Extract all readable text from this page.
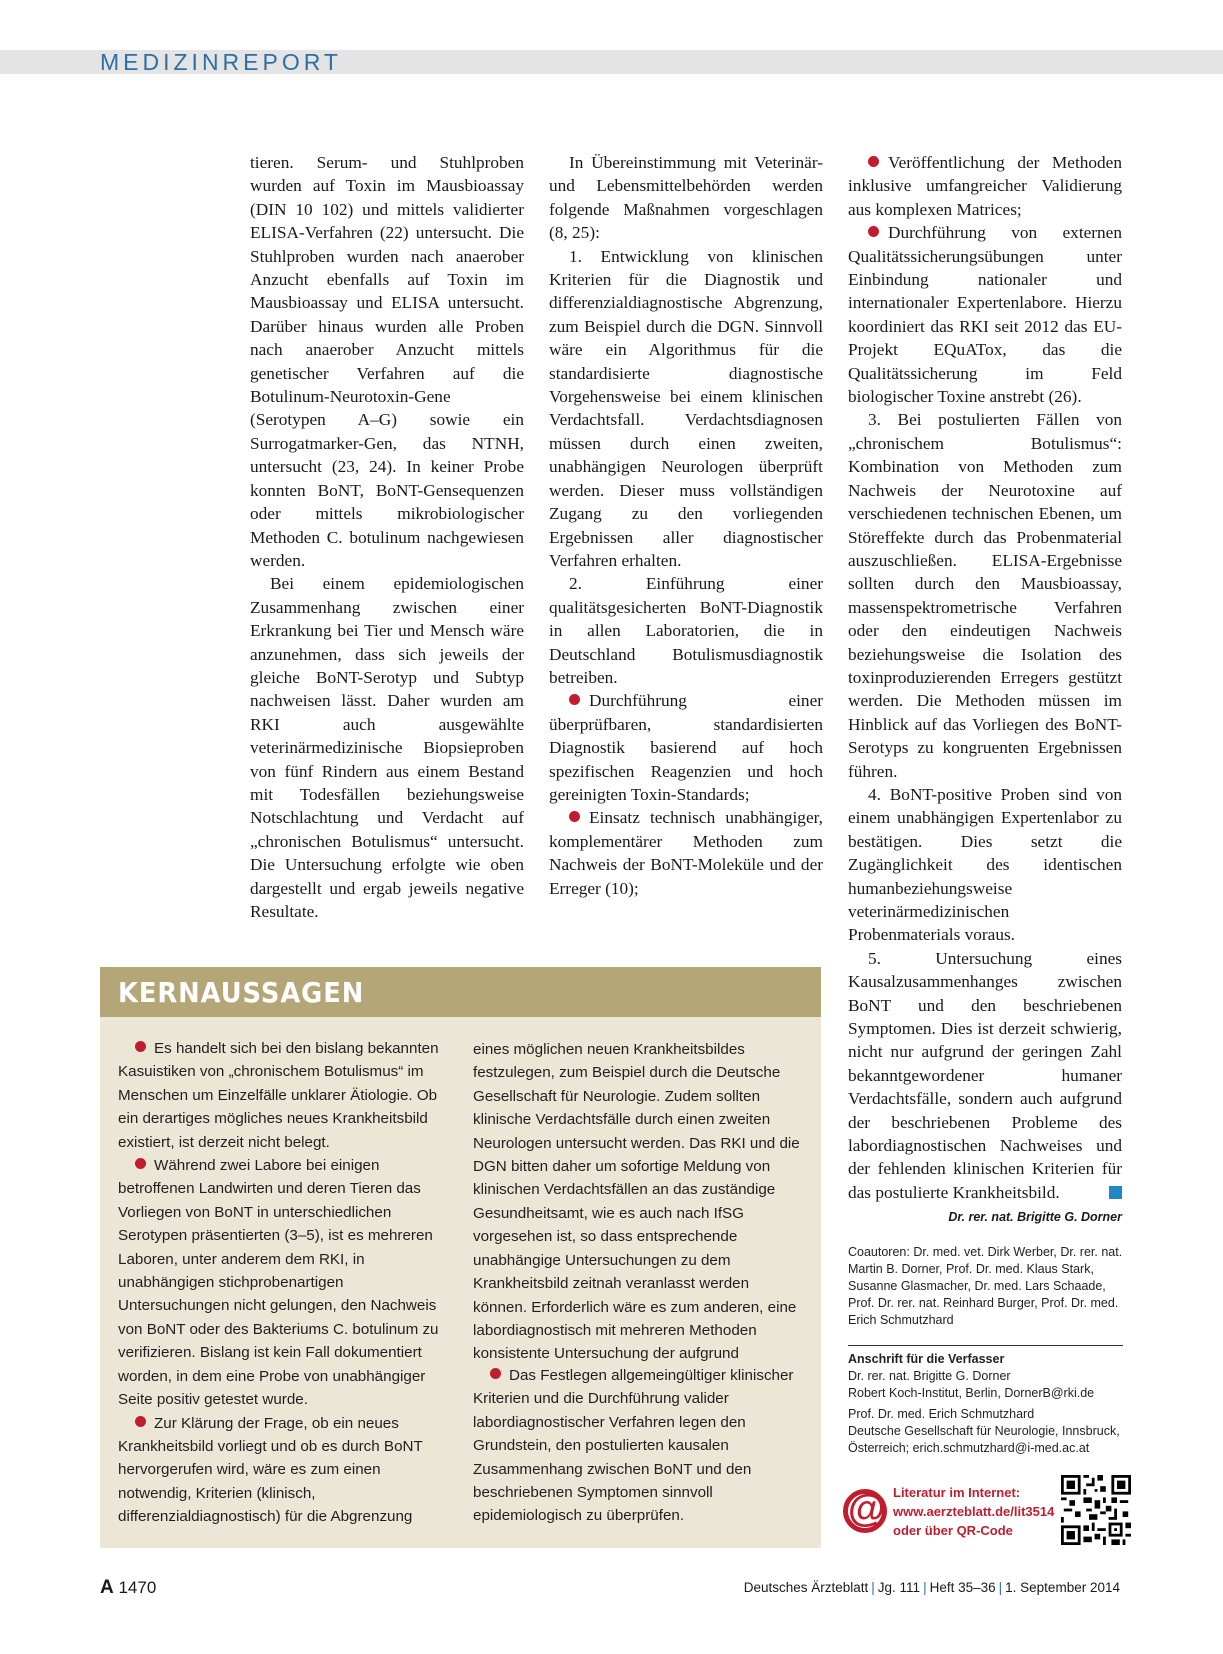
MEDIZINREPORT

tieren. Serum- und Stuhlproben wurden auf Toxin im Mausbioassay (DIN 10 102) und mittels validierter ELISA-Verfahren (22) untersucht. Die Stuhlproben wurden nach anaerober Anzucht ebenfalls auf Toxin im Mausbioassay und ELISA untersucht. Darüber hinaus wurden alle Proben nach anaerober Anzucht mittels genetischer Verfahren auf die Botulinum-Neurotoxin-Gene (Serotypen A–G) sowie ein Surrogatmarker-Gen, das NTNH, untersucht (23, 24). In keiner Probe konnten BoNT, BoNT-Gensequenzen oder mittels mikrobiologischer Methoden C. botulinum nachgewiesen werden.

Bei einem epidemiologischen Zusammenhang zwischen einer Erkrankung bei Tier und Mensch wäre anzunehmen, dass sich jeweils der gleiche BoNT-Serotyp und Subtyp nachweisen lässt. Daher wurden am RKI auch ausgewählte veterinärmedizinische Biopsieproben von fünf Rindern aus einem Bestand mit Todesfällen beziehungsweise Notschlachtung und Verdacht auf „chronischen Botulismus“ untersucht. Die Untersuchung erfolgte wie oben dargestellt und ergab jeweils negative Resultate.

In Übereinstimmung mit Veterinär- und Lebensmittelbehörden werden folgende Maßnahmen vorgeschlagen (8, 25):

1. Entwicklung von klinischen Kriterien für die Diagnostik und differenzialdiagnostische Abgrenzung, zum Beispiel durch die DGN. Sinnvoll wäre ein Algorithmus für die standardisierte diagnostische Vorgehensweise bei einem klinischen Verdachtsfall. Verdachtsdiagnosen müssen durch einen zweiten, unabhängigen Neurologen überprüft werden. Dieser muss vollständigen Zugang zu den vorliegenden Ergebnissen aller diagnostischer Verfahren erhalten.

2. Einführung einer qualitätsgesicherten BoNT-Diagnostik in allen Laboratorien, die in Deutschland Botulismusdiagnostik betreiben.

Durchführung einer überprüfbaren, standardisierten Diagnostik basierend auf hoch spezifischen Reagenzien und hoch gereinigten Toxin-Standards;

Einsatz technisch unabhängiger, komplementärer Methoden zum Nachweis der BoNT-Moleküle und der Erreger (10);

Veröffentlichung der Methoden inklusive umfangreicher Validierung aus komplexen Matrices;

Durchführung von externen Qualitätssicherungsübungen unter Einbindung nationaler und internationaler Expertenlabore. Hierzu koordiniert das RKI seit 2012 das EU-Projekt EQuATox, das die Qualitätssicherung im Feld biologischer Toxine anstrebt (26).

3. Bei postulierten Fällen von „chronischem Botulismus“: Kombination von Methoden zum Nachweis der Neurotoxine auf verschiedenen technischen Ebenen, um Störeffekte durch das Probenmaterial auszuschließen. ELISA-Ergebnisse sollten durch den Mausbioassay, massenspektrometrische Verfahren oder den eindeutigen Nachweis beziehungsweise die Isolation des toxinproduzierenden Erregers gestützt werden. Die Methoden müssen im Hinblick auf das Vorliegen des BoNT-Serotyps zu kongruenten Ergebnissen führen.

4. BoNT-positive Proben sind von einem unabhängigen Expertenlabor zu bestätigen. Dies setzt die Zugänglichkeit des identischen humanbeziehungsweise veterinärmedizinischen Probenmaterials voraus.

5. Untersuchung eines Kausalzusammenhanges zwischen BoNT und den beschriebenen Symptomen. Dies ist derzeit schwierig, nicht nur aufgrund der geringen Zahl bekanntgewordener humaner Verdachtsfälle, sondern auch aufgrund der beschriebenen Probleme des labordiagnostischen Nachweises und der fehlenden klinischen Kriterien für das postulierte Krankheitsbild.

Dr. rer. nat. Brigitte G. Dorner

Coautoren: Dr. med. vet. Dirk Werber, Dr. rer. nat. Martin B. Dorner, Prof. Dr. med. Klaus Stark, Susanne Glasmacher, Dr. med. Lars Schaade, Prof. Dr. rer. nat. Reinhard Burger, Prof. Dr. med. Erich Schmutzhard
Anschrift für die Verfasser
Dr. rer. nat. Brigitte G. Dorner
Robert Koch-Institut, Berlin, DornerB@rki.de
Prof. Dr. med. Erich Schmutzhard
Deutsche Gesellschaft für Neurologie, Innsbruck, Österreich; erich.schmutzhard@i-med.ac.at
@ Literatur im Internet:
www.aerzteblatt.de/lit3514
oder über QR-Code
KERNAUSSAGEN

Es handelt sich bei den bislang bekannten Kasuistiken von „chronischem Botulismus“ im Menschen um Einzelfälle unklarer Ätiologie. Ob ein derartiges mögliches neues Krankheitsbild existiert, ist derzeit nicht belegt.

Während zwei Labore bei einigen betroffenen Landwirten und deren Tieren das Vorliegen von BoNT in unterschiedlichen Serotypen präsentierten (3–5), ist es mehreren Laboren, unter anderem dem RKI, in unabhängigen stichprobenartigen Untersuchungen nicht gelungen, den Nachweis von BoNT oder des Bakteriums C. botulinum zu verifizieren. Bislang ist kein Fall dokumentiert worden, in dem eine Probe von unabhängiger Seite positiv getestet wurde.

Zur Klärung der Frage, ob ein neues Krankheitsbild vorliegt und ob es durch BoNT hervorgerufen wird, wäre es zum einen notwendig, Kriterien (klinisch, differenzialdiagnostisch) für die Abgrenzung

eines möglichen neuen Krankheitsbildes festzulegen, zum Beispiel durch die Deutsche Gesellschaft für Neurologie. Zudem sollten klinische Verdachtsfälle durch einen zweiten Neurologen untersucht werden. Das RKI und die DGN bitten daher um sofortige Meldung von klinischen Verdachtsfällen an das zuständige Gesundheitsamt, wie es auch nach IfSG vorgesehen ist, so dass entsprechende unabhängige Untersuchungen zu dem Krankheitsbild zeitnah veranlasst werden können. Erforderlich wäre es zum anderen, eine labordiagnostisch mit mehreren Methoden konsistente Untersuchung der aufgrund

Das Festlegen allgemeingültiger klinischer Kriterien und die Durchführung valider labordiagnostischer Verfahren legen den Grundstein, den postulierten kausalen Zusammenhang zwischen BoNT und den beschriebenen Symptomen sinnvoll epidemiologisch zu überprüfen.

A 1470	Deutsches Ärzteblatt | Jg. 111 | Heft 35–36 | 1. September 2014
